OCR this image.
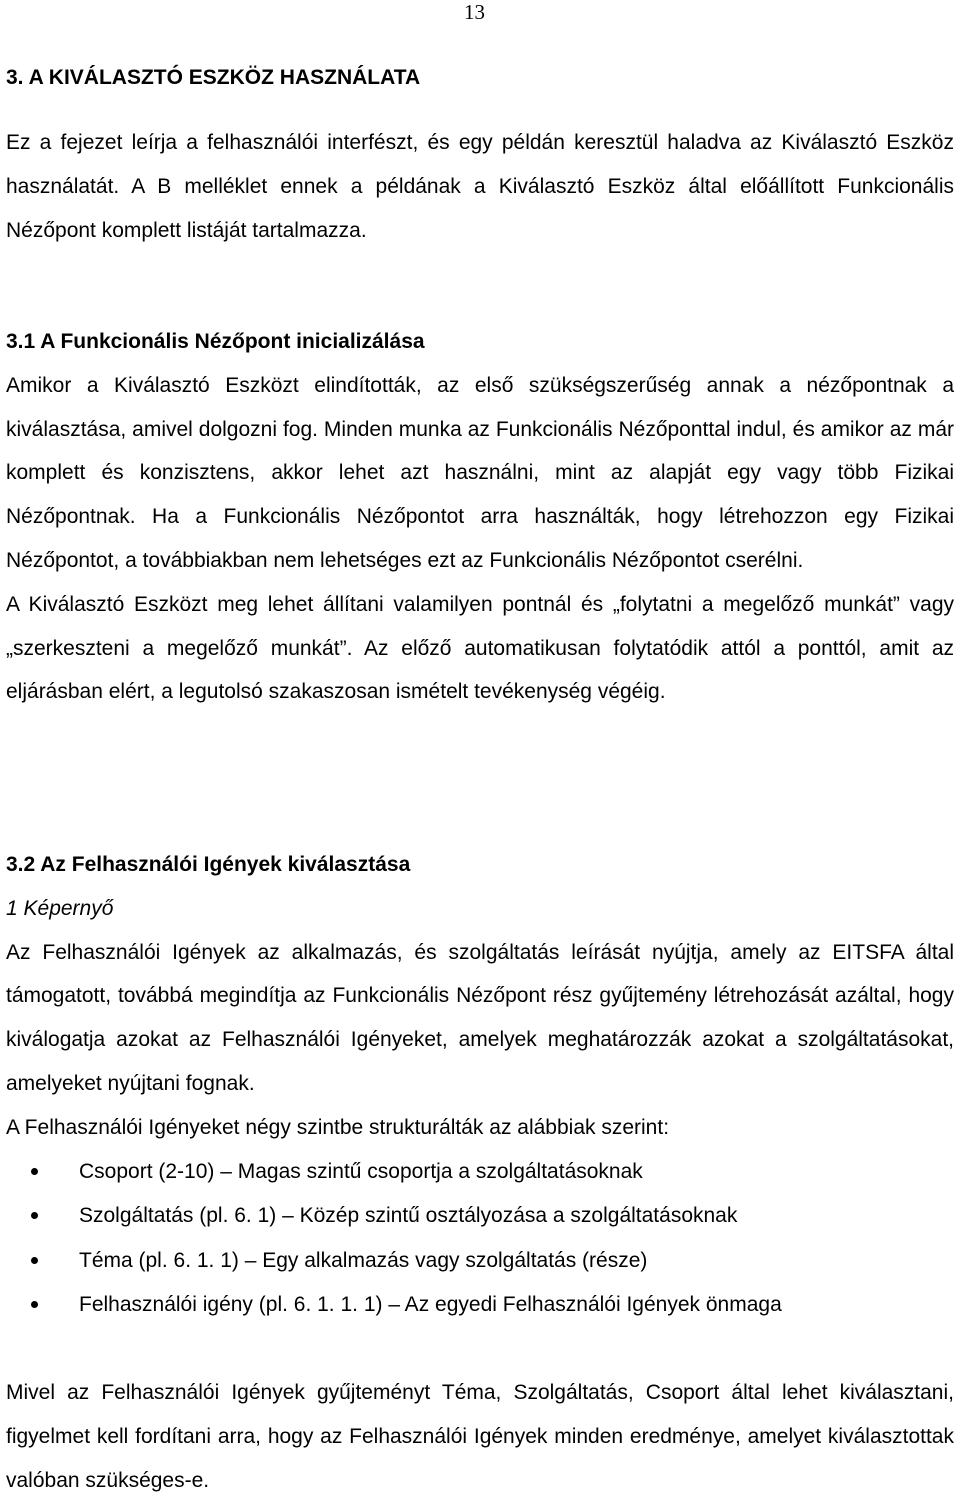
13
3. A KIVÁLASZTÓ ESZKÖZ HASZNÁLATA

Ez a fejezet leírja a felhasználói interfészt, és egy példán keresztül haladva az Kiválasztó Eszköz használatát. A B melléklet ennek a példának a Kiválasztó Eszköz által előállított Funkcionális Nézőpont komplett listáját tartalmazza.

3.1 A Funkcionális Nézőpont inicializálása

Amikor a Kiválasztó Eszközt elindították, az első szükségszerűség annak a nézőpontnak a kiválasztása, amivel dolgozni fog. Minden munka az Funkcionális Nézőponttal indul, és amikor az már komplett és konzisztens, akkor lehet azt használni, mint az alapját egy vagy több Fizikai Nézőpontnak. Ha a Funkcionális Nézőpontot arra használták, hogy létrehozzon egy Fizikai Nézőpontot, a továbbiakban nem lehetséges ezt az Funkcionális Nézőpontot cserélni.

A Kiválasztó Eszközt meg lehet állítani valamilyen pontnál és „folytatni a megelőző munkát” vagy „szerkeszteni a megelőző munkát”. Az előző automatikusan folytatódik attól a ponttól, amit az eljárásban elért, a legutolsó szakaszosan ismételt tevékenység végéig.

3.2 Az Felhasználói Igények kiválasztása
1 Képernyő

Az Felhasználói Igények az alkalmazás, és szolgáltatás leírását nyújtja, amely az EITSFA által támogatott, továbbá megindítja az Funkcionális Nézőpont rész gyűjtemény létrehozását azáltal, hogy kiválogatja azokat az Felhasználói Igényeket, amelyek meghatározzák azokat a szolgáltatásokat, amelyeket nyújtani fognak.

A Felhasználói Igényeket négy szintbe strukturálták az alábbiak szerint:

Csoport (2-10) – Magas szintű csoportja a szolgáltatásoknak
Szolgáltatás (pl. 6. 1) – Közép szintű osztályozása a szolgáltatásoknak
Téma (pl. 6. 1. 1) – Egy alkalmazás vagy szolgáltatás (része)
Felhasználói igény (pl. 6. 1. 1. 1) – Az egyedi Felhasználói Igények önmaga

Mivel az Felhasználói Igények gyűjteményt Téma, Szolgáltatás, Csoport által lehet kiválasztani, figyelmet kell fordítani arra, hogy az Felhasználói Igények minden eredménye, amelyet kiválasztottak valóban szükséges-e.
